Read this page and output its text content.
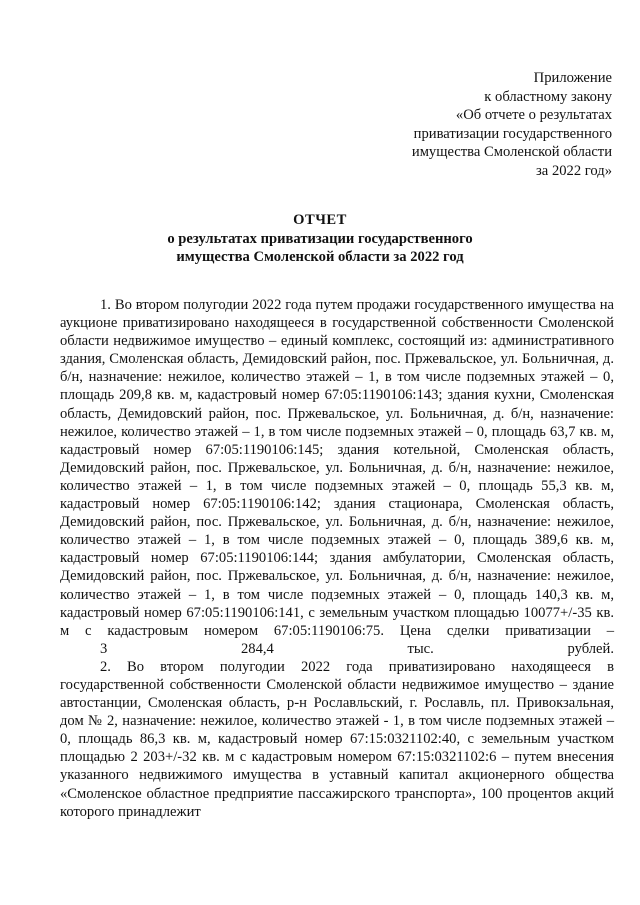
Приложение
к областному закону
«Об отчете о результатах
приватизации государственного
имущества Смоленской области
за 2022 год»
ОТЧЕТ
о результатах приватизации государственного
имущества Смоленской области за 2022 год

1. Во втором полугодии 2022 года путем продажи государственного имущества на аукционе приватизировано находящееся в государственной собственности Смоленской области недвижимое имущество – единый комплекс, состоящий из: административного здания, Смоленская область, Демидовский район, пос. Пржевальское, ул. Больничная, д. б/н, назначение: нежилое, количество этажей – 1, в том числе подземных этажей – 0, площадь 209,8 кв. м, кадастровый номер 67:05:1190106:143; здания кухни, Смоленская область, Демидовский район, пос. Пржевальское, ул. Больничная, д. б/н, назначение: нежилое, количество этажей – 1, в том числе подземных этажей – 0, площадь 63,7 кв. м, кадастровый номер 67:05:1190106:145; здания котельной, Смоленская область, Демидовский район, пос. Пржевальское, ул. Больничная, д. б/н, назначение: нежилое, количество этажей – 1, в том числе подземных этажей – 0, площадь 55,3 кв. м, кадастровый номер 67:05:1190106:142; здания стационара, Смоленская область, Демидовский район, пос. Пржевальское, ул. Больничная, д. б/н, назначение: нежилое, количество этажей – 1, в том числе подземных этажей – 0, площадь 389,6 кв. м, кадастровый номер 67:05:1190106:144; здания амбулатории, Смоленская область, Демидовский район, пос. Пржевальское, ул. Больничная, д. б/н, назначение: нежилое, количество этажей – 1, в том числе подземных этажей – 0, площадь 140,3 кв. м, кадастровый номер 67:05:1190106:141, с земельным участком площадью 10077+/-35 кв. м с кадастровым номером 67:05:1190106:75. Цена сделки приватизации –
3 284,4 тыс. рублей.

2. Во втором полугодии 2022 года приватизировано находящееся в государственной собственности Смоленской области недвижимое имущество – здание автостанции, Смоленская область, р-н Рославльский, г. Рославль, пл. Привокзальная, дом № 2, назначение: нежилое, количество этажей - 1, в том числе подземных этажей – 0, площадь 86,3 кв. м, кадастровый номер 67:15:0321102:40, с земельным участком площадью 2 203+/-32 кв. м с кадастровым номером 67:15:0321102:6 – путем внесения указанного недвижимого имущества в уставный капитал акционерного общества «Смоленское областное предприятие пассажирского транспорта», 100 процентов акций которого принадлежит
